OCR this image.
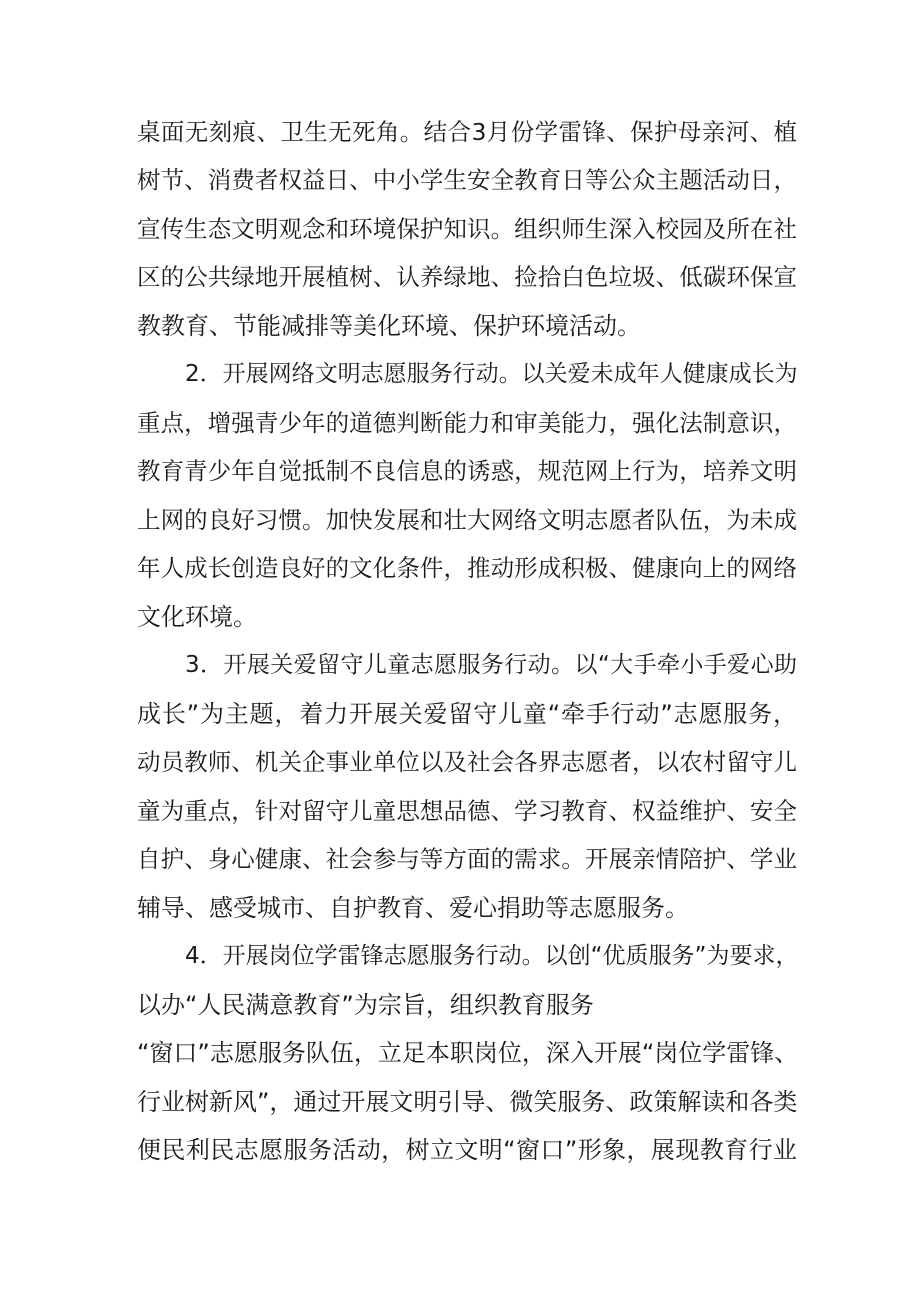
桌面无刻痕、卫生无死角。结合3月份学雷锋、保护母亲河、植
树节、消费者权益日、中小学生安全教育日等公众主题活动日，
宣传生态文明观念和环境保护知识。组织师生深入校园及所在社
区的公共绿地开展植树、认养绿地、捡拾白色垃圾、低碳环保宣
教教育、节能减排等美化环境、保护环境活动。
2．开展网络文明志愿服务行动。以关爱未成年人健康成长为
重点，增强青少年的道德判断能力和审美能力，强化法制意识，
教育青少年自觉抵制不良信息的诱惑，规范网上行为，培养文明
上网的良好习惯。加快发展和壮大网络文明志愿者队伍，为未成
年人成长创造良好的文化条件，推动形成积极、健康向上的网络
文化环境。
3．开展关爱留守儿童志愿服务行动。以“大手牵小手爱心助
成长”为主题，着力开展关爱留守儿童“牵手行动”志愿服务，
动员教师、机关企事业单位以及社会各界志愿者，以农村留守儿
童为重点，针对留守儿童思想品德、学习教育、权益维护、安全
自护、身心健康、社会参与等方面的需求。开展亲情陪护、学业
辅导、感受城市、自护教育、爱心捐助等志愿服务。
4．开展岗位学雷锋志愿服务行动。以创“优质服务”为要求，
以办“人民满意教育”为宗旨，组织教育服务
“窗口”志愿服务队伍，立足本职岗位，深入开展“岗位学雷锋、
行业树新风”，通过开展文明引导、微笑服务、政策解读和各类
便民利民志愿服务活动，树立文明“窗口”形象，展现教育行业
